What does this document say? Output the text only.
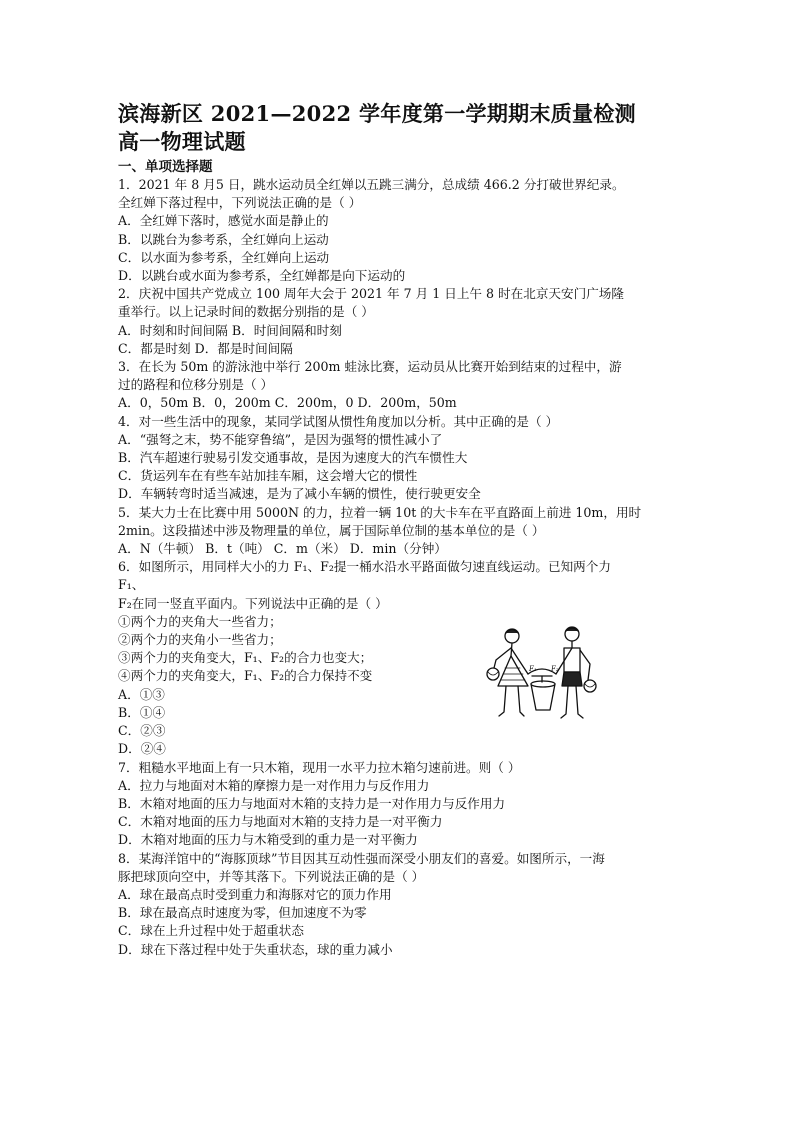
滨海新区 2021—2022 学年度第一学期期末质量检测
高一物理试题
一、单项选择题
1．2021 年 8 月5 日，跳水运动员全红婵以五跳三满分，总成绩 466.2 分打破世界纪录。
全红婵下落过程中，下列说法正确的是（ ）
A．全红婵下落时，感觉水面是静止的
B．以跳台为参考系，全红婵向上运动
C．以水面为参考系，全红婵向上运动
D．以跳台或水面为参考系，全红婵都是向下运动的
2．庆祝中国共产党成立 100 周年大会于 2021 年 7 月 1 日上午 8 时在北京天安门广场隆
重举行。以上记录时间的数据分别指的是（ ）
A．时刻和时间间隔 B．时间间隔和时刻
C．都是时刻 D．都是时间间隔
3．在长为 50m 的游泳池中举行 200m 蛙泳比赛，运动员从比赛开始到结束的过程中，游
过的路程和位移分别是（ ）
A．0，50m B．0，200m C．200m，0 D．200m，50m
4．对一些生活中的现象，某同学试图从惯性角度加以分析。其中正确的是（ ）
A．“强弩之末，势不能穿鲁缟”，是因为强弩的惯性减小了
B．汽车超速行驶易引发交通事故，是因为速度大的汽车惯性大
C．货运列车在有些车站加挂车厢，这会增大它的惯性
D．车辆转弯时适当减速，是为了减小车辆的惯性，使行驶更安全
5．某大力士在比赛中用 5000N 的力，拉着一辆 10t 的大卡车在平直路面上前进 10m，用时
2min。这段描述中涉及物理量的单位，属于国际单位制的基本单位的是（ ）
A．N（牛顿） B．t（吨） C．m（米） D．min（分钟）
6．如图所示，用同样大小的力 F₁、F₂提一桶水沿水平路面做匀速直线运动。已知两个力
F₁、
F₂在同一竖直平面内。下列说法中正确的是（ ）
①两个力的夹角大一些省力；
②两个力的夹角小一些省力；
③两个力的夹角变大，F₁、F₂的合力也变大；
④两个力的夹角变大，F₁、F₂的合力保持不变
A．①③
B．①④
C．②③
D．②④
7．粗糙水平地面上有一只木箱，现用一水平力拉木箱匀速前进。则（ ）
A．拉力与地面对木箱的摩擦力是一对作用力与反作用力
B．木箱对地面的压力与地面对木箱的支持力是一对作用力与反作用力
C．木箱对地面的压力与地面对木箱的支持力是一对平衡力
D．木箱对地面的压力与木箱受到的重力是一对平衡力
8．某海洋馆中的“海豚顶球”节目因其互动性强而深受小朋友们的喜爱。如图所示，一海
豚把球顶向空中，并等其落下。下列说法正确的是（ ）
A．球在最高点时受到重力和海豚对它的顶力作用
B．球在最高点时速度为零，但加速度不为零
C．球在上升过程中处于超重状态
D．球在下落过程中处于失重状态，球的重力减小
F₁ F₂
